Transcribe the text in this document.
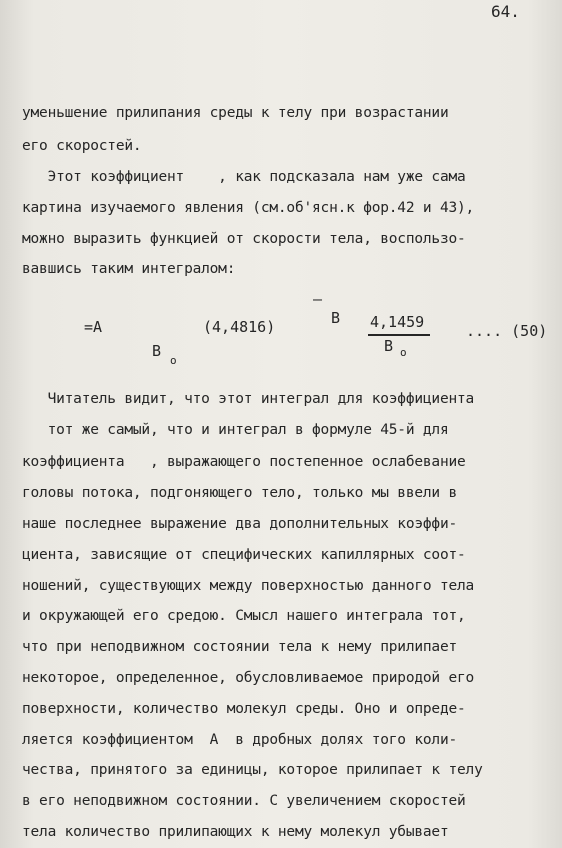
64.
уменьшение прилипания среды к телу при возрастании
его скоростей.
Этот коэффициент    , как подсказала нам уже сама
картина изучаемого явления (см.об'ясн.к фор.42 и 43),
можно выразить функцией от скорости тела, воспользо-
вавшись таким интегралом:
=A
B
o
(4,4816)
–
B 4,1459
B o
.... (50)
Читатель видит, что этот интеграл для коэффициента
тот же самый, что и интеграл в формуле 45-й для
коэффициента   , выражающего постепенное ослабевание
головы потока, подгоняющего тело, только мы ввели в
наше последнее выражение два дополнительных коэффи-
циента, зависящие от специфических капиллярных соот-
ношений, существующих между поверхностью данного тела
и окружающей его средою. Смысл нашего интеграла тот,
что при неподвижном состоянии тела к нему прилипает
некоторое, определенное, обусловливаемое природой его
поверхности, количество молекул среды. Оно и опреде-
ляется коэффициентом  A  в дробных долях того коли-
чества, принятого за единицы, которое прилипает к телу
в его неподвижном состоянии. С увеличением скоростей
тела количество прилипающих к нему молекул убывает
